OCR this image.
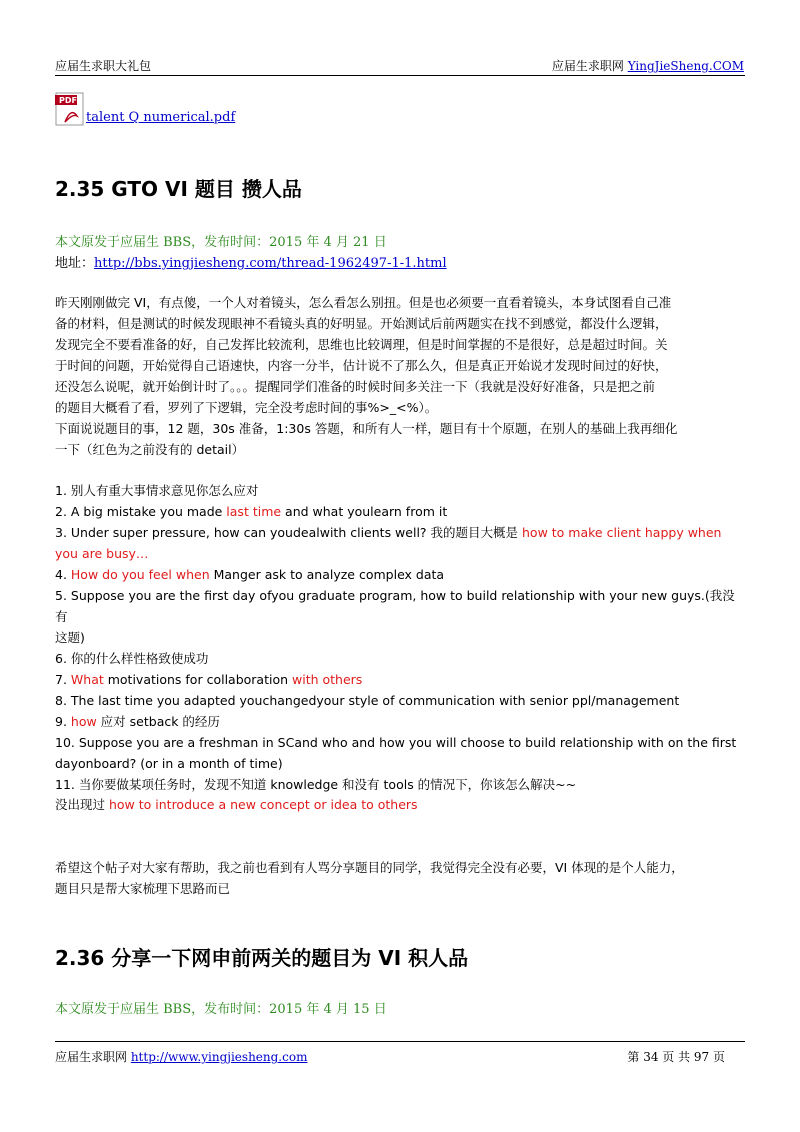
应届生求职大礼包	应届生求职网 YingJieSheng.COM
PDF
talent Q numerical.pdf
2.35 GTO VI 题目 攒人品
本文原发于应届生 BBS，发布时间：2015 年 4 月 21 日
地址：http://bbs.yingjiesheng.com/thread-1962497-1-1.html

昨天刚刚做完 VI，有点傻，一个人对着镜头，怎么看怎么别扭。但是也必须要一直看着镜头，本身试图看自己准

备的材料，但是测试的时候发现眼神不看镜头真的好明显。开始测试后前两题实在找不到感觉，都没什么逻辑，

发现完全不要看准备的好，自己发挥比较流利，思维也比较调理，但是时间掌握的不是很好，总是超过时间。关

于时间的问题，开始觉得自己语速快，内容一分半，估计说不了那么久，但是真正开始说才发现时间过的好快，

还没怎么说呢，就开始倒计时了。。。提醒同学们准备的时候时间多关注一下（我就是没好好准备，只是把之前

的题目大概看了看，罗列了下逻辑，完全没考虑时间的事%>_<%）。

下面说说题目的事，12 题，30s 准备，1:30s 答题，和所有人一样，题目有十个原题，在别人的基础上我再细化

一下（红色为之前没有的 detail）

1. 别人有重大事情求意见你怎么应对
2. A big mistake you made last time and what youlearn from it
3. Under super pressure, how can youdealwith clients well? 我的题目大概是 how to make client happy when
you are busy…
4. How do you feel when Manger ask to analyze complex data
5. Suppose you are the first day ofyou graduate program, how to build relationship with your new guys.(我没有
这题)
6. 你的什么样性格致使成功
7. What motivations for collaboration with others
8. The last time you adapted youchangedyour style of communication with senior ppl/management
9. how 应对 setback 的经历
10. Suppose you are a freshman in SCand who and how you will choose to build relationship with on the first
dayonboard? (or in a month of time)
11. 当你要做某项任务时，发现不知道 knowledge 和没有 tools 的情况下，你该怎么解决~~
没出现过 how to introduce a new concept or idea to others

希望这个帖子对大家有帮助，我之前也看到有人骂分享题目的同学，我觉得完全没有必要，VI 体现的是个人能力，

题目只是帮大家梳理下思路而已

2.36 分享一下网申前两关的题目为 VI 积人品
本文原发于应届生 BBS，发布时间：2015 年 4 月 15 日
应届生求职网 http://www.yingjiesheng.com	第 34 页 共 97 页
